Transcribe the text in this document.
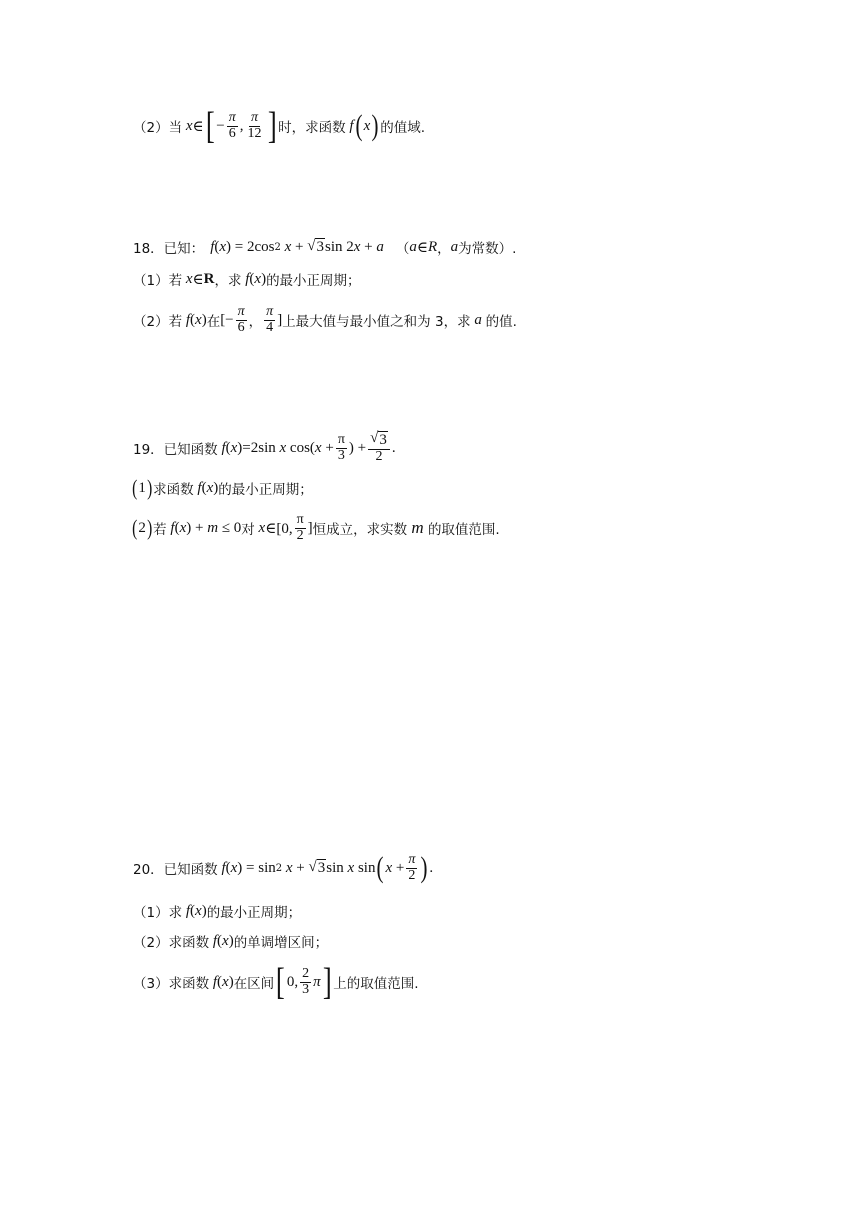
（2）当 x ∈ [ − $\frac{\pi}{6}$ , $\frac{\pi}{12}$ ] 时，求函数 f ( x ) 的值域.
18．已知： f ( x ) = 2cos 2 x + √ 3 sin 2 x + a （ a ∈ R ， a 为常数）.
（1）若 x ∈ R ，求 f ( x ) 的最小正周期；
（2）若 f ( x ) 在 [− $\frac{\pi}{6}$ ， $\frac{\pi}{4}$ ] 上最大值与最小值之和为 3，求 a 的值.
19．已知函数 f ( x )=2sin x cos( $x + \frac{\pi}{3}$ ) + $\frac{√ 3}{2}$ .
( 1 ) 求函数 f ( x ) 的最小正周期；
( 2 ) 若 f ( x ) + m ≤ 0 对 x ∈[0, $\frac{\pi}{2}$ ] 恒成立，求实数 m 的取值范围.
20．已知函数 f ( x ) = sin 2 x + √ 3 sin x sin ( $x + \frac{\pi}{2}$ ) .
（1）求 f ( x ) 的最小正周期；
（2）求函数 f ( x ) 的单调增区间；
（3）求函数 f ( x ) 在区间 [ 0, $\frac{2}{3}$ π ] 上的取值范围.
